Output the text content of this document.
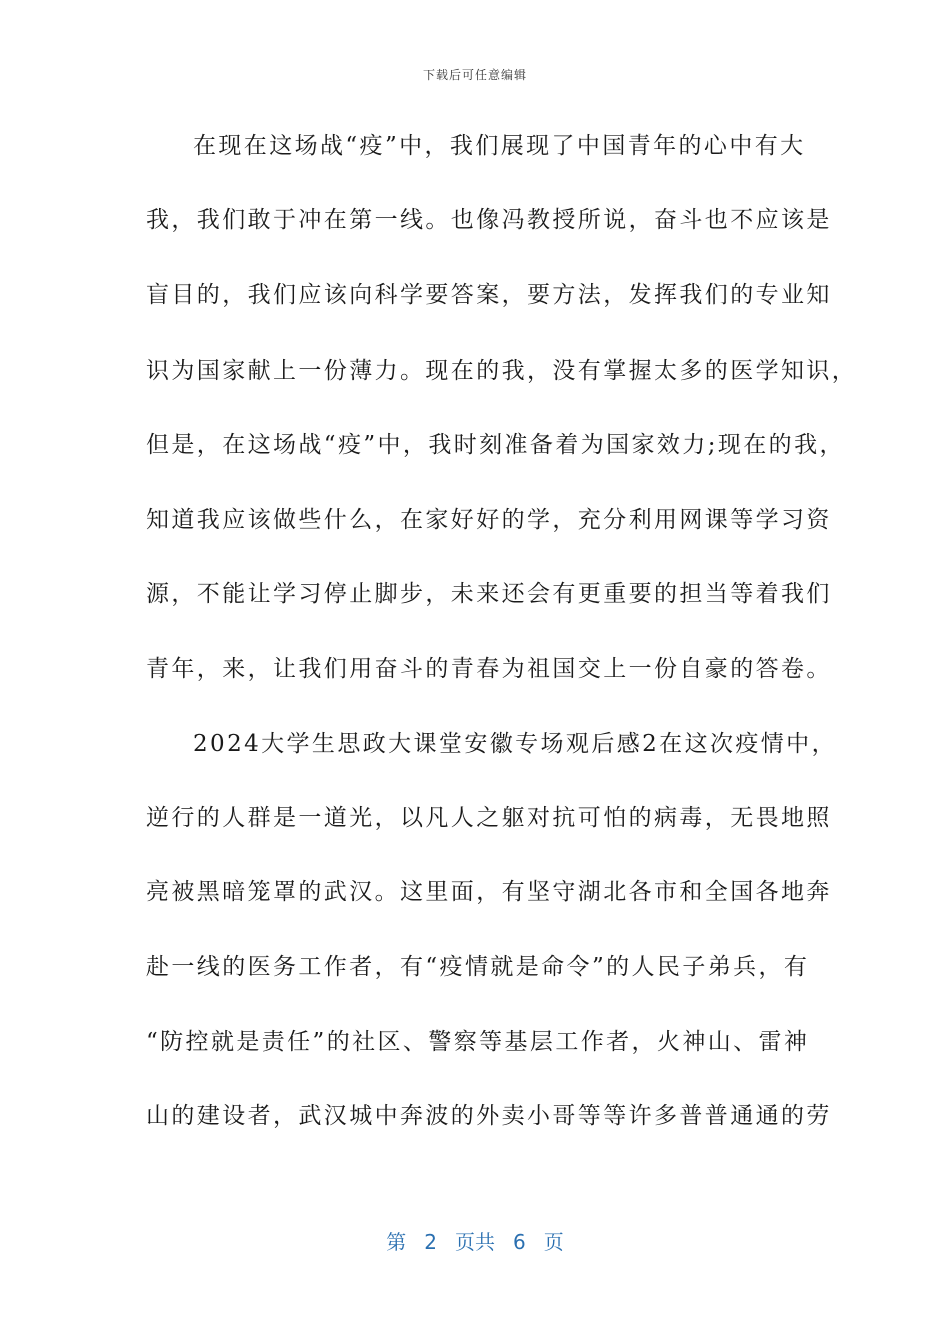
下载后可任意编辑
在现在这场战“疫”中，我们展现了中国青年的心中有大
我，我们敢于冲在第一线。也像冯教授所说，奋斗也不应该是
盲目的，我们应该向科学要答案，要方法，发挥我们的专业知
识为国家献上一份薄力。现在的我，没有掌握太多的医学知识，
但是，在这场战“疫”中，我时刻准备着为国家效力;现在的我，
知道我应该做些什么，在家好好的学，充分利用网课等学习资
源，不能让学习停止脚步，未来还会有更重要的担当等着我们
青年，来，让我们用奋斗的青春为祖国交上一份自豪的答卷。
2024大学生思政大课堂安徽专场观后感2在这次疫情中，
逆行的人群是一道光，以凡人之躯对抗可怕的病毒，无畏地照
亮被黑暗笼罩的武汉。这里面，有坚守湖北各市和全国各地奔
赴一线的医务工作者，有“疫情就是命令”的人民子弟兵，有
“防控就是责任”的社区、警察等基层工作者，火神山、雷神
山的建设者，武汉城中奔波的外卖小哥等等许多普普通通的劳
第 2 页共 6 页
